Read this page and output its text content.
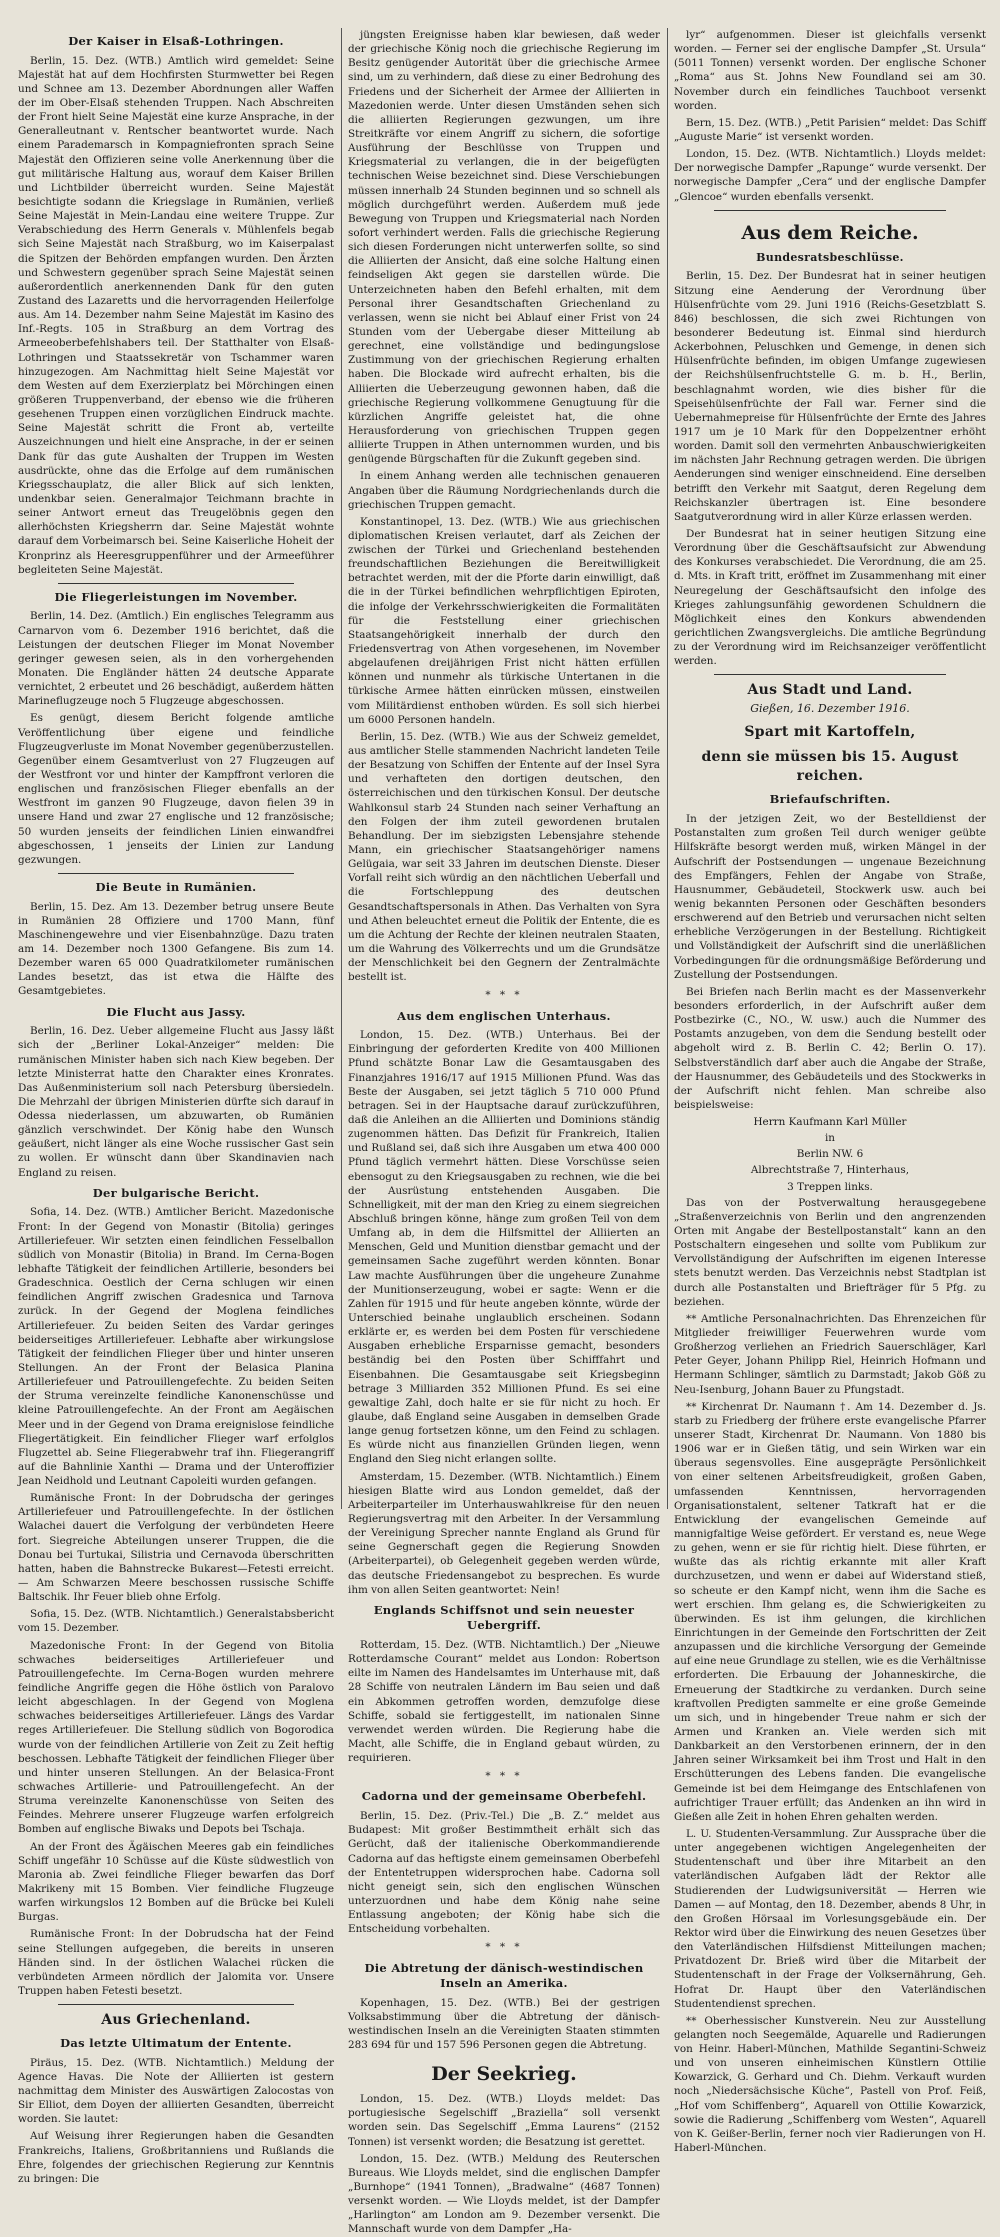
Der Kaiser in Elsaß-Lothringen.
Berlin, 15. Dez. (WTB.) Amtlich wird gemeldet: Seine Majestät hat auf dem Hochfirsten Sturmwetter bei Regen und Schnee am 13. Dezember Abordnungen aller Waffen der im Ober-Elsaß stehenden Truppen. Nach Abschreiten der Front hielt Seine Majestät eine kurze Ansprache, in der Generalleutnant v. Rentscher beantwortet wurde. Nach einem Parademarsch in Kompagniefronten sprach Seine Majestät den Offizieren seine volle Anerkennung über die gut militärische Haltung aus, worauf dem Kaiser Brillen und Lichtbilder überreicht wurden. Seine Majestät besichtigte sodann die Kriegslage in Rumänien, verließ Seine Majestät in Mein-Landau eine weitere Truppe. Zur Verabschiedung des Herrn Generals v. Mühlenfels begab sich Seine Majestät nach Straßburg, wo im Kaiserpalast die Spitzen der Behörden empfangen wurden. Den Ärzten und Schwestern gegenüber sprach Seine Majestät seinen außerordentlich anerkennenden Dank für den guten Zustand des Lazaretts und die hervorragenden Heilerfolge aus. Am 14. Dezember nahm Seine Majestät im Kasino des Inf.-Regts. 105 in Straßburg an dem Vortrag des Armeeoberbefehlshabers teil. Der Statthalter von Elsaß-Lothringen und Staatssekretär von Tschammer waren hinzugezogen. Am Nachmittag hielt Seine Majestät vor dem Westen auf dem Exerzierplatz bei Mörchingen einen größeren Truppenverband, der ebenso wie die früheren gesehenen Truppen einen vorzüglichen Eindruck machte. Seine Majestät schritt die Front ab, verteilte Auszeichnungen und hielt eine Ansprache, in der er seinen Dank für das gute Aushalten der Truppen im Westen ausdrückte, ohne das die Erfolge auf dem rumänischen Kriegsschauplatz, die aller Blick auf sich lenkten, undenkbar seien. Generalmajor Teichmann brachte in seiner Antwort erneut das Treugelöbnis gegen den allerhöchsten Kriegsherrn dar. Seine Majestät wohnte darauf dem Vorbeimarsch bei. Seine Kaiserliche Hoheit der Kronprinz als Heeresgruppenführer und der Armeeführer begleiteten Seine Majestät.
Die Fliegerleistungen im November.
Berlin, 14. Dez. (Amtlich.) Ein englisches Telegramm aus Carnarvon vom 6. Dezember 1916 berichtet, daß die Leistungen der deutschen Flieger im Monat November geringer gewesen seien, als in den vorhergehenden Monaten. Die Engländer hätten 24 deutsche Apparate vernichtet, 2 erbeutet und 26 beschädigt, außerdem hätten Marineflugzeuge noch 5 Flugzeuge abgeschossen.
Es genügt, diesem Bericht folgende amtliche Veröffentlichung über eigene und feindliche Flugzeugverluste im Monat November gegenüberzustellen. Gegenüber einem Gesamtverlust von 27 Flugzeugen auf der Westfront vor und hinter der Kampffront verloren die englischen und französischen Flieger ebenfalls an der Westfront im ganzen 90 Flugzeuge, davon fielen 39 in unsere Hand und zwar 27 englische und 12 französische; 50 wurden jenseits der feindlichen Linien einwandfrei abgeschossen, 1 jenseits der Linien zur Landung gezwungen.
Die Beute in Rumänien.
Berlin, 15. Dez. Am 13. Dezember betrug unsere Beute in Rumänien 28 Offiziere und 1700 Mann, fünf Maschinengewehre und vier Eisenbahnzüge. Dazu traten am 14. Dezember noch 1300 Gefangene. Bis zum 14. Dezember waren 65 000 Quadratkilometer rumänischen Landes besetzt, das ist etwa die Hälfte des Gesamtgebietes.
Die Flucht aus Jassy.
Berlin, 16. Dez. Ueber allgemeine Flucht aus Jassy läßt sich der „Berliner Lokal-Anzeiger“ melden: Die rumänischen Minister haben sich nach Kiew begeben. Der letzte Ministerrat hatte den Charakter eines Kronrates. Das Außenministerium soll nach Petersburg übersiedeln. Die Mehrzahl der übrigen Ministerien dürfte sich darauf in Odessa niederlassen, um abzuwarten, ob Rumänien gänzlich verschwindet. Der König habe den Wunsch geäußert, nicht länger als eine Woche russischer Gast sein zu wollen. Er wünscht dann über Skandinavien nach England zu reisen.
Der bulgarische Bericht.
Sofia, 14. Dez. (WTB.) Amtlicher Bericht. Mazedonische Front: In der Gegend von Monastir (Bitolia) geringes Artilleriefeuer. Wir setzten einen feindlichen Fesselballon südlich von Monastir (Bitolia) in Brand. Im Cerna-Bogen lebhafte Tätigkeit der feindlichen Artillerie, besonders bei Gradeschnica. Oestlich der Cerna schlugen wir einen feindlichen Angriff zwischen Gradesnica und Tarnova zurück. In der Gegend der Moglena feindliches Artilleriefeuer. Zu beiden Seiten des Vardar geringes beiderseitiges Artilleriefeuer. Lebhafte aber wirkungslose Tätigkeit der feindlichen Flieger über und hinter unseren Stellungen. An der Front der Belasica Planina Artilleriefeuer und Patrouillengefechte. Zu beiden Seiten der Struma vereinzelte feindliche Kanonenschüsse und kleine Patrouillengefechte. An der Front am Aegäischen Meer und in der Gegend von Drama ereignislose feindliche Fliegertätigkeit. Ein feindlicher Flieger warf erfolglos Flugzettel ab. Seine Fliegerabwehr traf ihn. Fliegerangriff auf die Bahnlinie Xanthi — Drama und der Unteroffizier Jean Neidhold und Leutnant Capoleiti wurden gefangen.
Rumänische Front: In der Dobrudscha der geringes Artilleriefeuer und Patrouillengefechte. In der östlichen Walachei dauert die Verfolgung der verbündeten Heere fort. Siegreiche Abteilungen unserer Truppen, die die Donau bei Turtukai, Silistria und Cernavoda überschritten hatten, haben die Bahnstrecke Bukarest—Fetesti erreicht. — Am Schwarzen Meere beschossen russische Schiffe Baltschik. Ihr Feuer blieb ohne Erfolg.
Sofia, 15. Dez. (WTB. Nichtamtlich.) Generalstabsbericht vom 15. Dezember.
Mazedonische Front: In der Gegend von Bitolia schwaches beiderseitiges Artilleriefeuer und Patrouillengefechte. Im Cerna-Bogen wurden mehrere feindliche Angriffe gegen die Höhe östlich von Paralovo leicht abgeschlagen. In der Gegend von Moglena schwaches beiderseitiges Artilleriefeuer. Längs des Vardar reges Artilleriefeuer. Die Stellung südlich von Bogorodica wurde von der feindlichen Artillerie von Zeit zu Zeit heftig beschossen. Lebhafte Tätigkeit der feindlichen Flieger über und hinter unseren Stellungen. An der Belasica-Front schwaches Artillerie- und Patrouillengefecht. An der Struma vereinzelte Kanonenschüsse von Seiten des Feindes. Mehrere unserer Flugzeuge warfen erfolgreich Bomben auf englische Biwaks und Depots bei Tschaja.
An der Front des Ägäischen Meeres gab ein feindliches Schiff ungefähr 10 Schüsse auf die Küste südwestlich von Maronia ab. Zwei feindliche Flieger bewarfen das Dorf Makrikeny mit 15 Bomben. Vier feindliche Flugzeuge warfen wirkungslos 12 Bomben auf die Brücke bei Kuleli Burgas.
Rumänische Front: In der Dobrudscha hat der Feind seine Stellungen aufgegeben, die bereits in unseren Händen sind. In der östlichen Walachei rücken die verbündeten Armeen nördlich der Jalomita vor. Unsere Truppen haben Fetesti besetzt.
Aus Griechenland.
Das letzte Ultimatum der Entente.
Piräus, 15. Dez. (WTB. Nichtamtlich.) Meldung der Agence Havas. Die Note der Alliierten ist gestern nachmittag dem Minister des Auswärtigen Zalocostas von Sir Elliot, dem Doyen der alliierten Gesandten, überreicht worden. Sie lautet:
Auf Weisung ihrer Regierungen haben die Gesandten Frankreichs, Italiens, Großbritanniens und Rußlands die Ehre, folgendes der griechischen Regierung zur Kenntnis zu bringen: Die
jüngsten Ereignisse haben klar bewiesen, daß weder der griechische König noch die griechische Regierung im Besitz genügender Autorität über die griechische Armee sind, um zu verhindern, daß diese zu einer Bedrohung des Friedens und der Sicherheit der Armee der Alliierten in Mazedonien werde. Unter diesen Umständen sehen sich die alliierten Regierungen gezwungen, um ihre Streitkräfte vor einem Angriff zu sichern, die sofortige Ausführung der Beschlüsse von Truppen und Kriegsmaterial zu verlangen, die in der beigefügten technischen Weise bezeichnet sind. Diese Verschiebungen müssen innerhalb 24 Stunden beginnen und so schnell als möglich durchgeführt werden. Außerdem muß jede Bewegung von Truppen und Kriegsmaterial nach Norden sofort verhindert werden. Falls die griechische Regierung sich diesen Forderungen nicht unterwerfen sollte, so sind die Alliierten der Ansicht, daß eine solche Haltung einen feindseligen Akt gegen sie darstellen würde. Die Unterzeichneten haben den Befehl erhalten, mit dem Personal ihrer Gesandtschaften Griechenland zu verlassen, wenn sie nicht bei Ablauf einer Frist von 24 Stunden vom der Uebergabe dieser Mitteilung ab gerechnet, eine vollständige und bedingungslose Zustimmung von der griechischen Regierung erhalten haben. Die Blockade wird aufrecht erhalten, bis die Alliierten die Ueberzeugung gewonnen haben, daß die griechische Regierung vollkommene Genugtuung für die kürzlichen Angriffe geleistet hat, die ohne Herausforderung von griechischen Truppen gegen alliierte Truppen in Athen unternommen wurden, und bis genügende Bürgschaften für die Zukunft gegeben sind.
In einem Anhang werden alle technischen genaueren Angaben über die Räumung Nordgriechenlands durch die griechischen Truppen gemacht.
Konstantinopel, 13. Dez. (WTB.) Wie aus griechischen diplomatischen Kreisen verlautet, darf als Zeichen der zwischen der Türkei und Griechenland bestehenden freundschaftlichen Beziehungen die Bereitwilligkeit betrachtet werden, mit der die Pforte darin einwilligt, daß die in der Türkei befindlichen wehrpflichtigen Epiroten, die infolge der Verkehrsschwierigkeiten die Formalitäten für die Feststellung einer griechischen Staatsangehörigkeit innerhalb der durch den Friedensvertrag von Athen vorgesehenen, im November abgelaufenen dreijährigen Frist nicht hätten erfüllen können und nunmehr als türkische Untertanen in die türkische Armee hätten einrücken müssen, einstweilen vom Militärdienst enthoben würden. Es soll sich hierbei um 6000 Personen handeln.
Berlin, 15. Dez. (WTB.) Wie aus der Schweiz gemeldet, aus amtlicher Stelle stammenden Nachricht landeten Teile der Besatzung von Schiffen der Entente auf der Insel Syra und verhafteten den dortigen deutschen, den österreichischen und den türkischen Konsul. Der deutsche Wahlkonsul starb 24 Stunden nach seiner Verhaftung an den Folgen der ihm zuteil gewordenen brutalen Behandlung. Der im siebzigsten Lebensjahre stehende Mann, ein griechischer Staatsangehöriger namens Gelügaia, war seit 33 Jahren im deutschen Dienste. Dieser Vorfall reiht sich würdig an den nächtlichen Ueberfall und die Fortschleppung des deutschen Gesandtschaftspersonals in Athen. Das Verhalten von Syra und Athen beleuchtet erneut die Politik der Entente, die es um die Achtung der Rechte der kleinen neutralen Staaten, um die Wahrung des Völkerrechts und um die Grundsätze der Menschlichkeit bei den Gegnern der Zentralmächte bestellt ist.
* * *
Aus dem englischen Unterhaus.
London, 15. Dez. (WTB.) Unterhaus. Bei der Einbringung der geforderten Kredite von 400 Millionen Pfund schätzte Bonar Law die Gesamtausgaben des Finanzjahres 1916/17 auf 1915 Millionen Pfund. Was das Beste der Ausgaben, sei jetzt täglich 5 710 000 Pfund betragen. Sei in der Hauptsache darauf zurückzuführen, daß die Anleihen an die Alliierten und Dominions ständig zugenommen hätten. Das Defizit für Frankreich, Italien und Rußland sei, daß sich ihre Ausgaben um etwa 400 000 Pfund täglich vermehrt hätten. Diese Vorschüsse seien ebensogut zu den Kriegsausgaben zu rechnen, wie die bei der Ausrüstung entstehenden Ausgaben. Die Schnelligkeit, mit der man den Krieg zu einem siegreichen Abschluß bringen könne, hänge zum großen Teil von dem Umfang ab, in dem die Hilfsmittel der Alliierten an Menschen, Geld und Munition dienstbar gemacht und der gemeinsamen Sache zugeführt werden könnten. Bonar Law machte Ausführungen über die ungeheure Zunahme der Munitionserzeugung, wobei er sagte: Wenn er die Zahlen für 1915 und für heute angeben könnte, würde der Unterschied beinahe unglaublich erscheinen. Sodann erklärte er, es werden bei dem Posten für verschiedene Ausgaben erhebliche Ersparnisse gemacht, besonders beständig bei den Posten über Schifffahrt und Eisenbahnen. Die Gesamtausgabe seit Kriegsbeginn betrage 3 Milliarden 352 Millionen Pfund. Es sei eine gewaltige Zahl, doch halte er sie für nicht zu hoch. Er glaube, daß England seine Ausgaben in demselben Grade lange genug fortsetzen könne, um den Feind zu schlagen. Es würde nicht aus finanziellen Gründen liegen, wenn England den Sieg nicht erlangen sollte.
Amsterdam, 15. Dezember. (WTB. Nichtamtlich.) Einem hiesigen Blatte wird aus London gemeldet, daß der Arbeiterparteiler im Unterhauswahlkreise für den neuen Regierungsvertrag mit den Arbeiter. In der Versammlung der Vereinigung Sprecher nannte England als Grund für seine Gegnerschaft gegen die Regierung Snowden (Arbeiterpartei), ob Gelegenheit gegeben werden würde, das deutsche Friedensangebot zu besprechen. Es wurde ihm von allen Seiten geantwortet: Nein!
Englands Schiffsnot und sein neuester Uebergriff.
Rotterdam, 15. Dez. (WTB. Nichtamtlich.) Der „Nieuwe Rotterdamsche Courant“ meldet aus London: Robertson eilte im Namen des Handelsamtes im Unterhause mit, daß 28 Schiffe von neutralen Ländern im Bau seien und daß ein Abkommen getroffen worden, demzufolge diese Schiffe, sobald sie fertiggestellt, im nationalen Sinne verwendet werden würden. Die Regierung habe die Macht, alle Schiffe, die in England gebaut würden, zu requirieren.
* * *
Cadorna und der gemeinsame Oberbefehl.
Berlin, 15. Dez. (Priv.-Tel.) Die „B. Z.“ meldet aus Budapest: Mit großer Bestimmtheit erhält sich das Gerücht, daß der italienische Oberkommandierende Cadorna auf das heftigste einem gemeinsamen Oberbefehl der Ententetruppen widersprochen habe. Cadorna soll nicht geneigt sein, sich den englischen Wünschen unterzuordnen und habe dem König nahe seine Entlassung angeboten; der König habe sich die Entscheidung vorbehalten.
* * *
Die Abtretung der dänisch-westindischen Inseln an Amerika.
Kopenhagen, 15. Dez. (WTB.) Bei der gestrigen Volksabstimmung über die Abtretung der dänisch-westindischen Inseln an die Vereinigten Staaten stimmten 283 694 für und 157 596 Personen gegen die Abtretung.
Der Seekrieg.
London, 15. Dez. (WTB.) Lloyds meldet: Das portugiesische Segelschiff „Braziella“ soll versenkt worden sein. Das Segelschiff „Emma Laurens“ (2152 Tonnen) ist versenkt worden; die Besatzung ist gerettet.
London, 15. Dez. (WTB.) Meldung des Reuterschen Bureaus. Wie Lloyds meldet, sind die englischen Dampfer „Burnhope“ (1941 Tonnen), „Bradwalne“ (4687 Tonnen) versenkt worden. — Wie Lloyds meldet, ist der Dampfer „Harlington“ am London am 9. Dezember versenkt. Die Mannschaft wurde von dem Dampfer „Ha-
lyr“ aufgenommen. Dieser ist gleichfalls versenkt worden. — Ferner sei der englische Dampfer „St. Ursula“ (5011 Tonnen) versenkt worden. Der englische Schoner „Roma“ aus St. Johns New Foundland sei am 30. November durch ein feindliches Tauchboot versenkt worden.
Bern, 15. Dez. (WTB.) „Petit Parisien“ meldet: Das Schiff „Auguste Marie“ ist versenkt worden.
London, 15. Dez. (WTB. Nichtamtlich.) Lloyds meldet: Der norwegische Dampfer „Rapunge“ wurde versenkt. Der norwegische Dampfer „Cera“ und der englische Dampfer „Glencoe“ wurden ebenfalls versenkt.
Aus dem Reiche.
Bundesratsbeschlüsse.
Berlin, 15. Dez. Der Bundesrat hat in seiner heutigen Sitzung eine Aenderung der Verordnung über Hülsenfrüchte vom 29. Juni 1916 (Reichs-Gesetzblatt S. 846) beschlossen, die sich zwei Richtungen von besonderer Bedeutung ist. Einmal sind hierdurch Ackerbohnen, Peluschken und Gemenge, in denen sich Hülsenfrüchte befinden, im obigen Umfange zugewiesen der Reichshülsenfruchtstelle G. m. b. H., Berlin, beschlagnahmt worden, wie dies bisher für die Speisehülsenfrüchte der Fall war. Ferner sind die Uebernahmepreise für Hülsenfrüchte der Ernte des Jahres 1917 um je 10 Mark für den Doppelzentner erhöht worden. Damit soll den vermehrten Anbauschwierigkeiten im nächsten Jahr Rechnung getragen werden. Die übrigen Aenderungen sind weniger einschneidend. Eine derselben betrifft den Verkehr mit Saatgut, deren Regelung dem Reichskanzler übertragen ist. Eine besondere Saatgutverordnung wird in aller Kürze erlassen werden.
Der Bundesrat hat in seiner heutigen Sitzung eine Verordnung über die Geschäftsaufsicht zur Abwendung des Konkurses verabschiedet. Die Verordnung, die am 25. d. Mts. in Kraft tritt, eröffnet im Zusammenhang mit einer Neuregelung der Geschäftsaufsicht den infolge des Krieges zahlungsunfähig gewordenen Schuldnern die Möglichkeit eines den Konkurs abwendenden gerichtlichen Zwangsvergleichs. Die amtliche Begründung zu der Verordnung wird im Reichsanzeiger veröffentlicht werden.
Aus Stadt und Land.
Gießen, 16. Dezember 1916.
Spart mit Kartoffeln,
denn sie müssen bis 15. August reichen.
Briefaufschriften.
In der jetzigen Zeit, wo der Bestelldienst der Postanstalten zum großen Teil durch weniger geübte Hilfskräfte besorgt werden muß, wirken Mängel in der Aufschrift der Postsendungen — ungenaue Bezeichnung des Empfängers, Fehlen der Angabe von Straße, Hausnummer, Gebäudeteil, Stockwerk usw. auch bei wenig bekannten Personen oder Geschäften besonders erschwerend auf den Betrieb und verursachen nicht selten erhebliche Verzögerungen in der Bestellung. Richtigkeit und Vollständigkeit der Aufschrift sind die unerläßlichen Vorbedingungen für die ordnungsmäßige Beförderung und Zustellung der Postsendungen.
Bei Briefen nach Berlin macht es der Massenverkehr besonders erforderlich, in der Aufschrift außer dem Postbezirke (C., NO., W. usw.) auch die Nummer des Postamts anzugeben, von dem die Sendung bestellt oder abgeholt wird z. B. Berlin C. 42; Berlin O. 17). Selbstverständlich darf aber auch die Angabe der Straße, der Hausnummer, des Gebäudeteils und des Stockwerks in der Aufschrift nicht fehlen. Man schreibe also beispielsweise:
Herrn Kaufmann Karl Müller
in
Berlin NW. 6
Albrechtstraße 7, Hinterhaus,
3 Treppen links.
Das von der Postverwaltung herausgegebene „Straßenverzeichnis von Berlin und den angrenzenden Orten mit Angabe der Bestellpostanstalt“ kann an den Postschaltern eingesehen und sollte vom Publikum zur Vervollständigung der Aufschriften im eigenen Interesse stets benutzt werden. Das Verzeichnis nebst Stadtplan ist durch alle Postanstalten und Briefträger für 5 Pfg. zu beziehen.
** Amtliche Personalnachrichten. Das Ehrenzeichen für Mitglieder freiwilliger Feuerwehren wurde vom Großherzog verliehen an Friedrich Sauerschläger, Karl Peter Geyer, Johann Philipp Riel, Heinrich Hofmann und Hermann Schlinger, sämtlich zu Darmstadt; Jakob Göß zu Neu-Isenburg, Johann Bauer zu Pfungstadt.
** Kirchenrat Dr. Naumann †. Am 14. Dezember d. Js. starb zu Friedberg der frühere erste evangelische Pfarrer unserer Stadt, Kirchenrat Dr. Naumann. Von 1880 bis 1906 war er in Gießen tätig, und sein Wirken war ein überaus segensvolles. Eine ausgeprägte Persönlichkeit von einer seltenen Arbeitsfreudigkeit, großen Gaben, umfassenden Kenntnissen, hervorragenden Organisationstalent, seltener Tatkraft hat er die Entwicklung der evangelischen Gemeinde auf mannigfaltige Weise gefördert. Er verstand es, neue Wege zu gehen, wenn er sie für richtig hielt. Diese führten, er wußte das als richtig erkannte mit aller Kraft durchzusetzen, und wenn er dabei auf Widerstand stieß, so scheute er den Kampf nicht, wenn ihm die Sache es wert erschien. Ihm gelang es, die Schwierigkeiten zu überwinden. Es ist ihm gelungen, die kirchlichen Einrichtungen in der Gemeinde den Fortschritten der Zeit anzupassen und die kirchliche Versorgung der Gemeinde auf eine neue Grundlage zu stellen, wie es die Verhältnisse erforderten. Die Erbauung der Johanneskirche, die Erneuerung der Stadtkirche zu verdanken. Durch seine kraftvollen Predigten sammelte er eine große Gemeinde um sich, und in hingebender Treue nahm er sich der Armen und Kranken an. Viele werden sich mit Dankbarkeit an den Verstorbenen erinnern, der in den Jahren seiner Wirksamkeit bei ihm Trost und Halt in den Erschütterungen des Lebens fanden. Die evangelische Gemeinde ist bei dem Heimgange des Entschlafenen von aufrichtiger Trauer erfüllt; das Andenken an ihn wird in Gießen alle Zeit in hohen Ehren gehalten werden.
L. U. Studenten-Versammlung. Zur Aussprache über die unter angegebenen wichtigen Angelegenheiten der Studentenschaft und über ihre Mitarbeit an den vaterländischen Aufgaben lädt der Rektor alle Studierenden der Ludwigsuniversität — Herren wie Damen — auf Montag, den 18. Dezember, abends 8 Uhr, in den Großen Hörsaal im Vorlesungsgebäude ein. Der Rektor wird über die Einwirkung des neuen Gesetzes über den Vaterländischen Hilfsdienst Mitteilungen machen; Privatdozent Dr. Brieß wird über die Mitarbeit der Studentenschaft in der Frage der Volksernährung, Geh. Hofrat Dr. Haupt über den Vaterländischen Studentendienst sprechen.
** Oberhessischer Kunstverein. Neu zur Ausstellung gelangten noch Seegemälde, Aquarelle und Radierungen von Heinr. Haberl-München, Mathilde Segantini-Schweiz und von unseren einheimischen Künstlern Ottilie Kowarzick, G. Gerhard und Ch. Diehm. Verkauft wurden noch „Niedersächsische Küche“, Pastell von Prof. Feiß, „Hof vom Schiffenberg“, Aquarell von Ottilie Kowarzick, sowie die Radierung „Schiffenberg vom Westen“, Aquarell von K. Geißer-Berlin, ferner noch vier Radierungen von H. Haberl-München.
